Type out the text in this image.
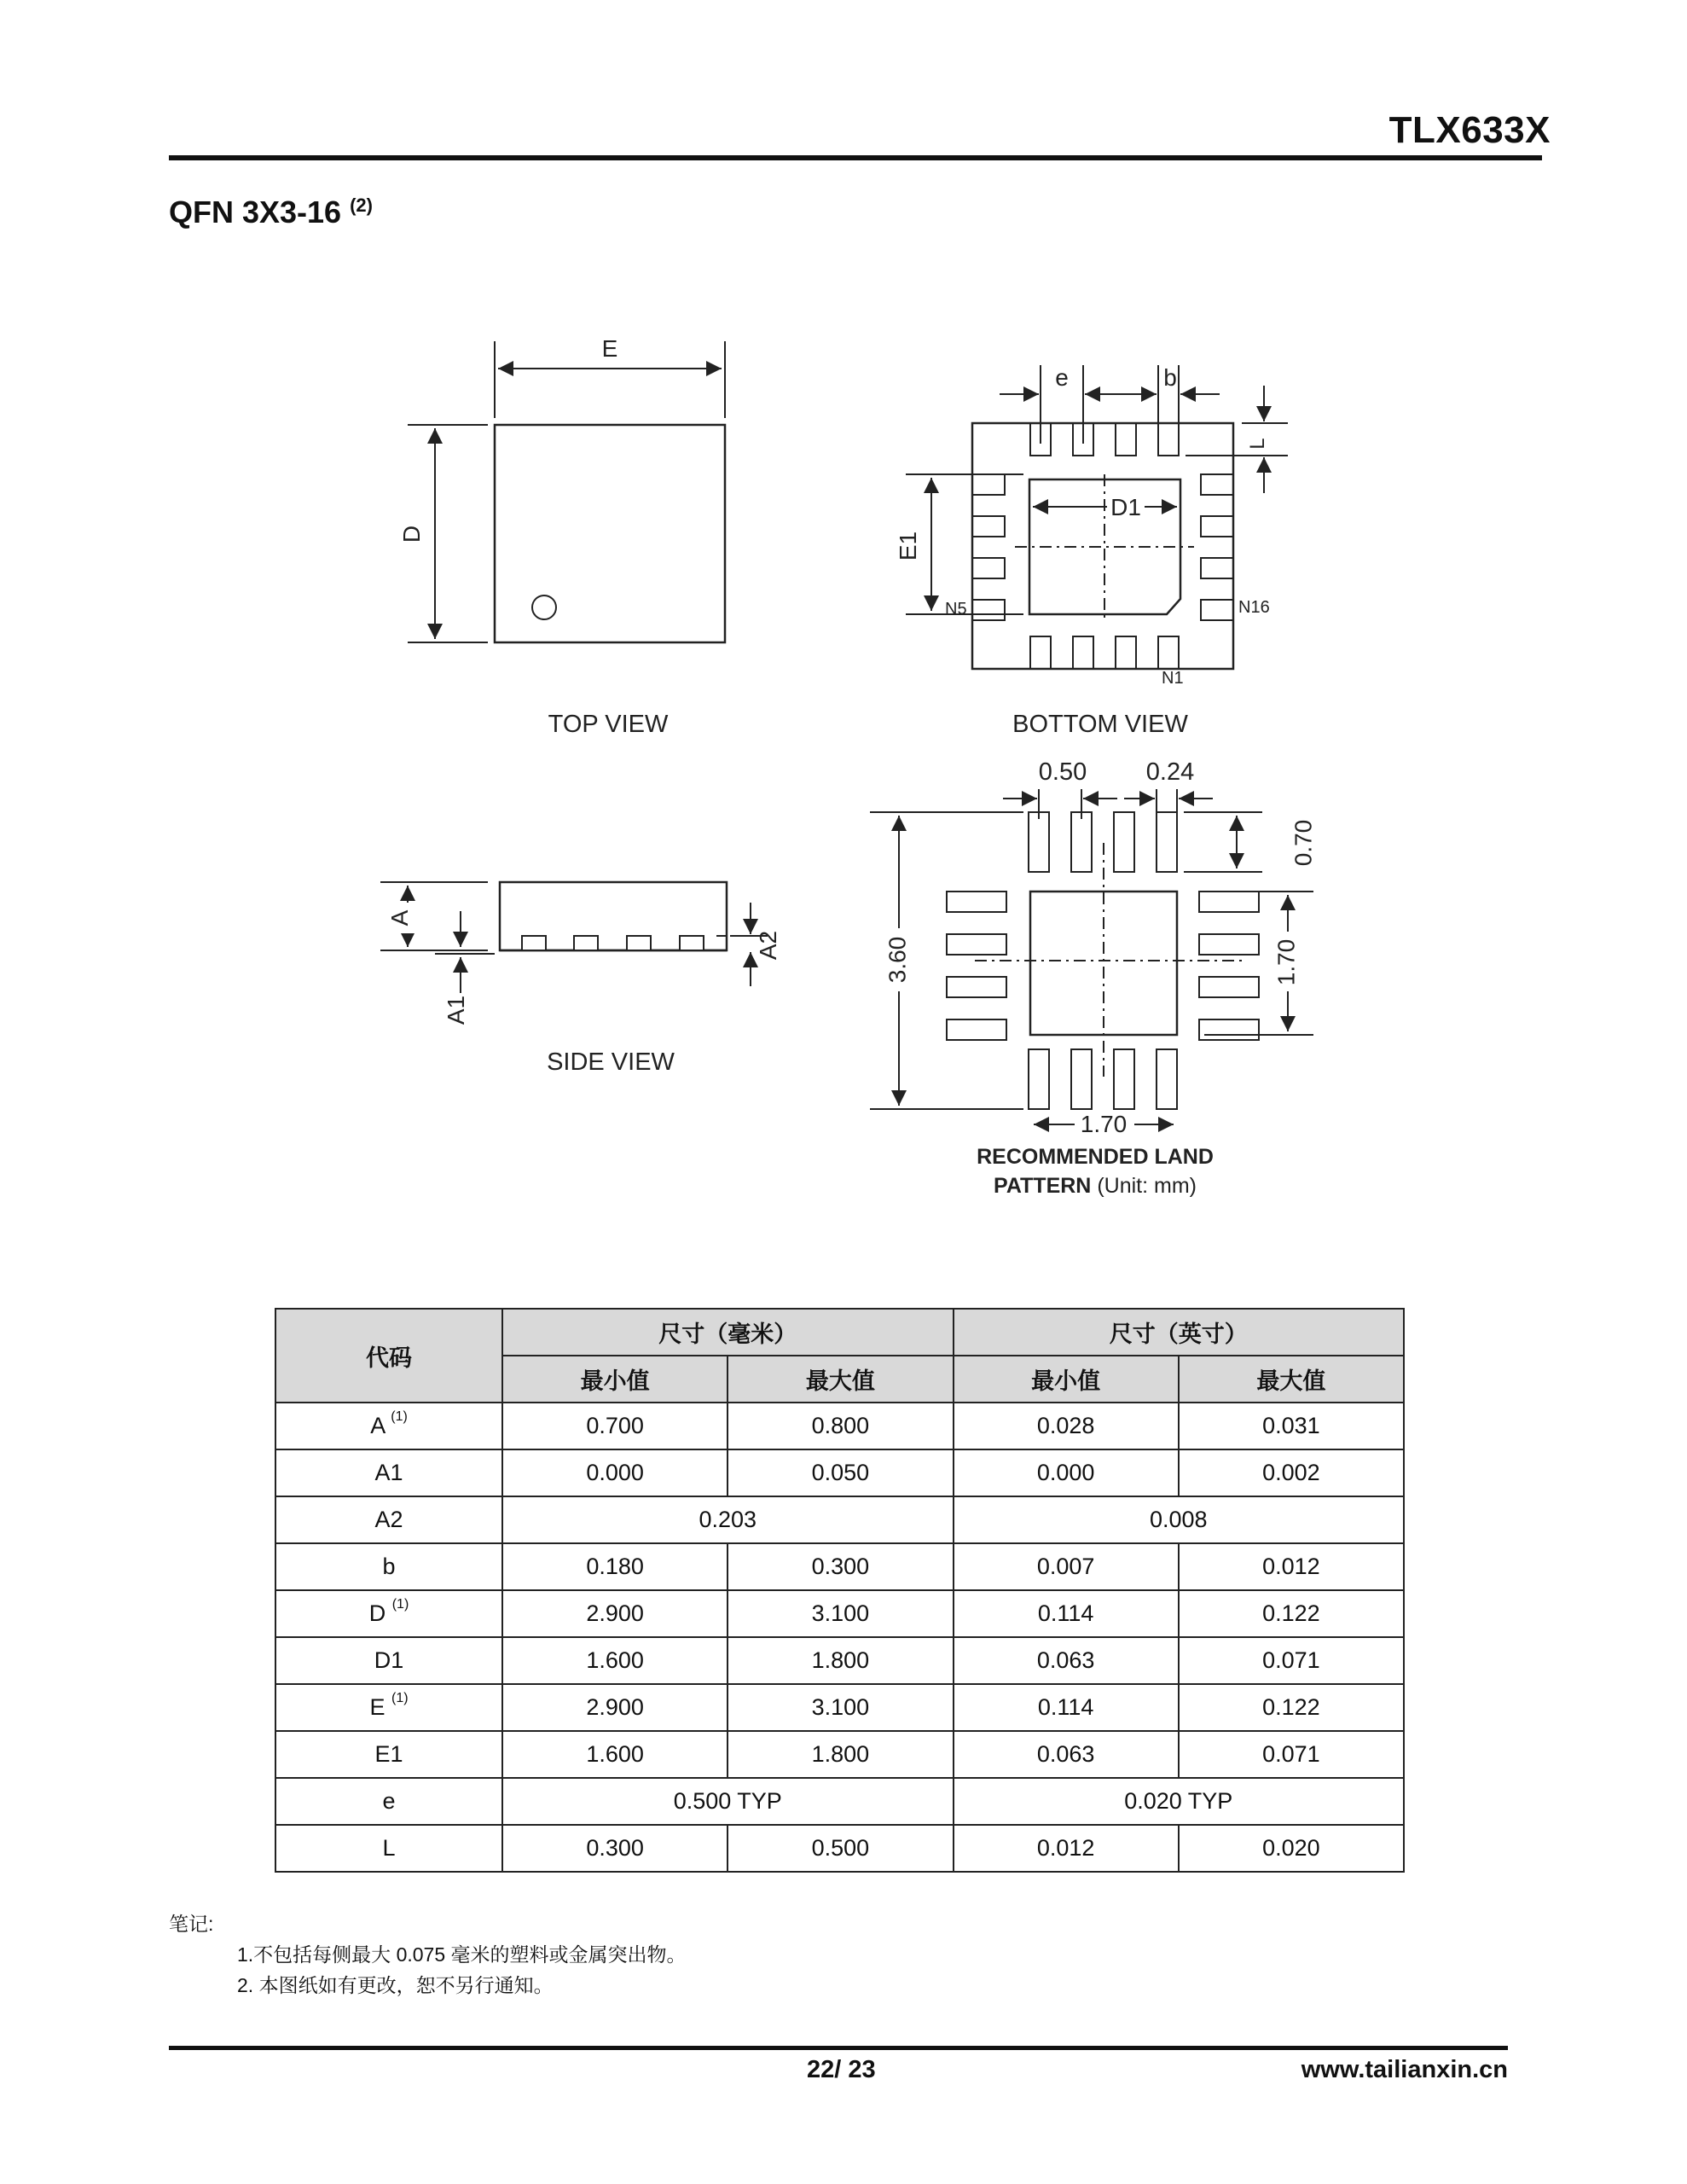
TLX633X
QFN 3X3-16 $^{(2)}$
E
D
TOP VIEW
D1
E1
e	b
L
N5	N16
N1
BOTTOM VIEW
A
A1
A2
SIDE VIEW
3.60
0.50 0.24
0.70
1.70
1.70
RECOMMENDED LAND
PATTERN (Unit: mm)
代码	尺寸（毫米）		尺寸（英寸）	
	最小值	最大值	最小值	最大值
A $^{(1)}$	0.700	0.800	0.028	0.031
A1	0.000	0.050	0.000	0.002
A2	0.203		0.008	
b	0.180	0.300	0.007	0.012
D $^{(1)}$	2.900	3.100	0.114	0.122
D1	1.600	1.800	0.063	0.071
E $^{(1)}$	2.900	3.100	0.114	0.122
E1	1.600	1.800	0.063	0.071
e	0.500 TYP		0.020 TYP	
L	0.300	0.500	0.012	0.020
笔记:
1.不包括每侧最大 0.075 毫米的塑料或金属突出物。
2. 本图纸如有更改，恕不另行通知。
22/ 23	www.tailianxin.cn
